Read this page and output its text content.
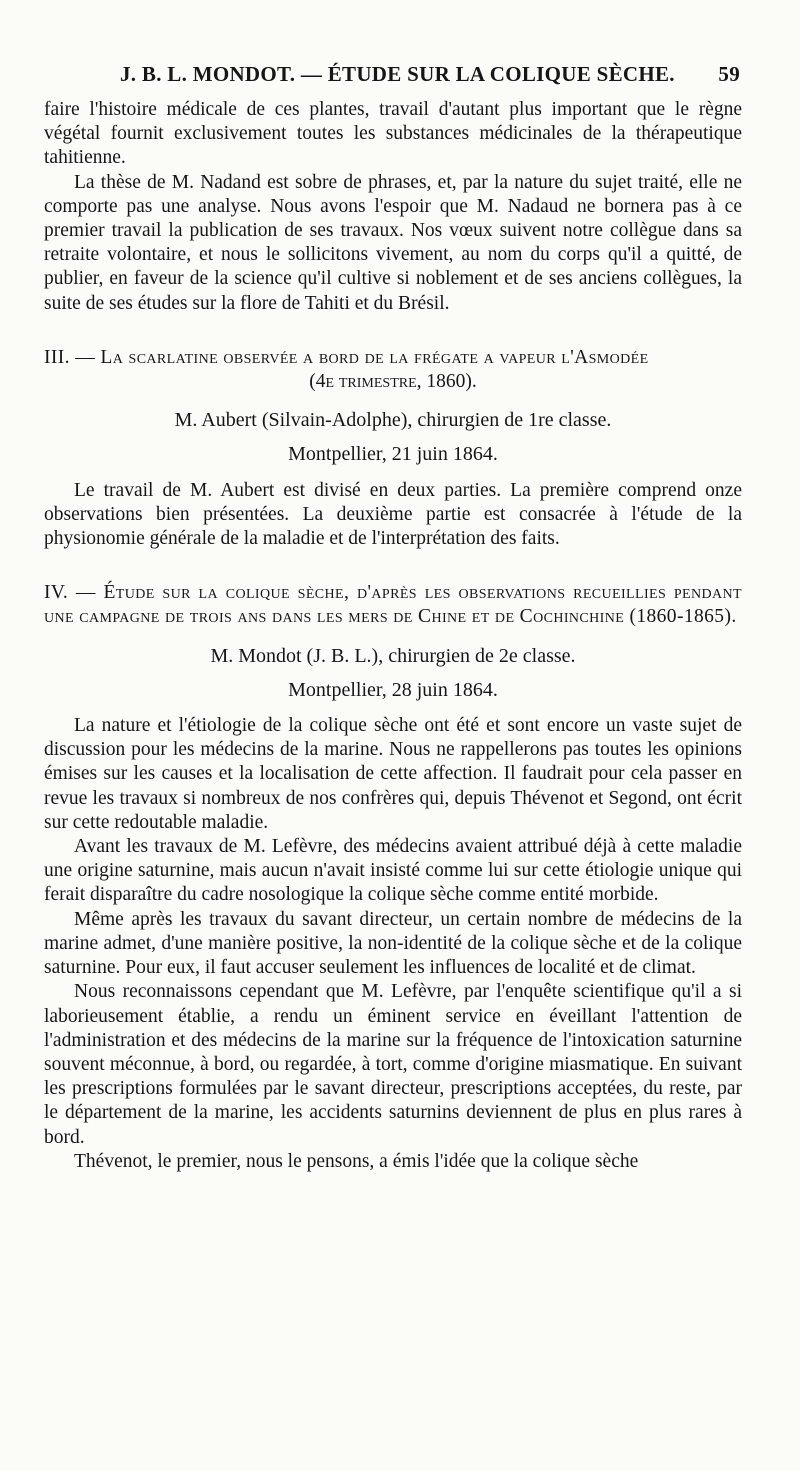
J. B. L. MONDOT. — ÉTUDE SUR LA COLIQUE SÈCHE. 59

faire l'histoire médicale de ces plantes, travail d'autant plus important que le règne végétal fournit exclusivement toutes les substances médicinales de la thérapeutique tahitienne.

La thèse de M. Nadand est sobre de phrases, et, par la nature du sujet traité, elle ne comporte pas une analyse. Nous avons l'espoir que M. Nadaud ne bornera pas à ce premier travail la publication de ses travaux. Nos vœux suivent notre collègue dans sa retraite volontaire, et nous le sollicitons vivement, au nom du corps qu'il a quitté, de publier, en faveur de la science qu'il cultive si noblement et de ses anciens collègues, la suite de ses études sur la flore de Tahiti et du Brésil.

III. — La scarlatine observée a bord de la frégate a vapeur l'Asmodée

(4e trimestre, 1860).

M. Aubert (Silvain-Adolphe), chirurgien de 1re classe.

Montpellier, 21 juin 1864.

Le travail de M. Aubert est divisé en deux parties. La première comprend onze observations bien présentées. La deuxième partie est consacrée à l'étude de la physionomie générale de la maladie et de l'interprétation des faits.

IV. — Étude sur la colique sèche, d'après les observations recueillies pendant une campagne de trois ans dans les mers de Chine et de Cochinchine (1860-1865).

M. Mondot (J. B. L.), chirurgien de 2e classe.

Montpellier, 28 juin 1864.

La nature et l'étiologie de la colique sèche ont été et sont encore un vaste sujet de discussion pour les médecins de la marine. Nous ne rappellerons pas toutes les opinions émises sur les causes et la localisation de cette affection. Il faudrait pour cela passer en revue les travaux si nombreux de nos confrères qui, depuis Thévenot et Segond, ont écrit sur cette redoutable maladie.

Avant les travaux de M. Lefèvre, des médecins avaient attribué déjà à cette maladie une origine saturnine, mais aucun n'avait insisté comme lui sur cette étiologie unique qui ferait disparaître du cadre nosologique la colique sèche comme entité morbide.

Même après les travaux du savant directeur, un certain nombre de médecins de la marine admet, d'une manière positive, la non-identité de la colique sèche et de la colique saturnine. Pour eux, il faut accuser seulement les influences de localité et de climat.

Nous reconnaissons cependant que M. Lefèvre, par l'enquête scientifique qu'il a si laborieusement établie, a rendu un éminent service en éveillant l'attention de l'administration et des médecins de la marine sur la fréquence de l'intoxication saturnine souvent méconnue, à bord, ou regardée, à tort, comme d'origine miasmatique. En suivant les prescriptions formulées par le savant directeur, prescriptions acceptées, du reste, par le département de la marine, les accidents saturnins deviennent de plus en plus rares à bord.

Thévenot, le premier, nous le pensons, a émis l'idée que la colique sèche
